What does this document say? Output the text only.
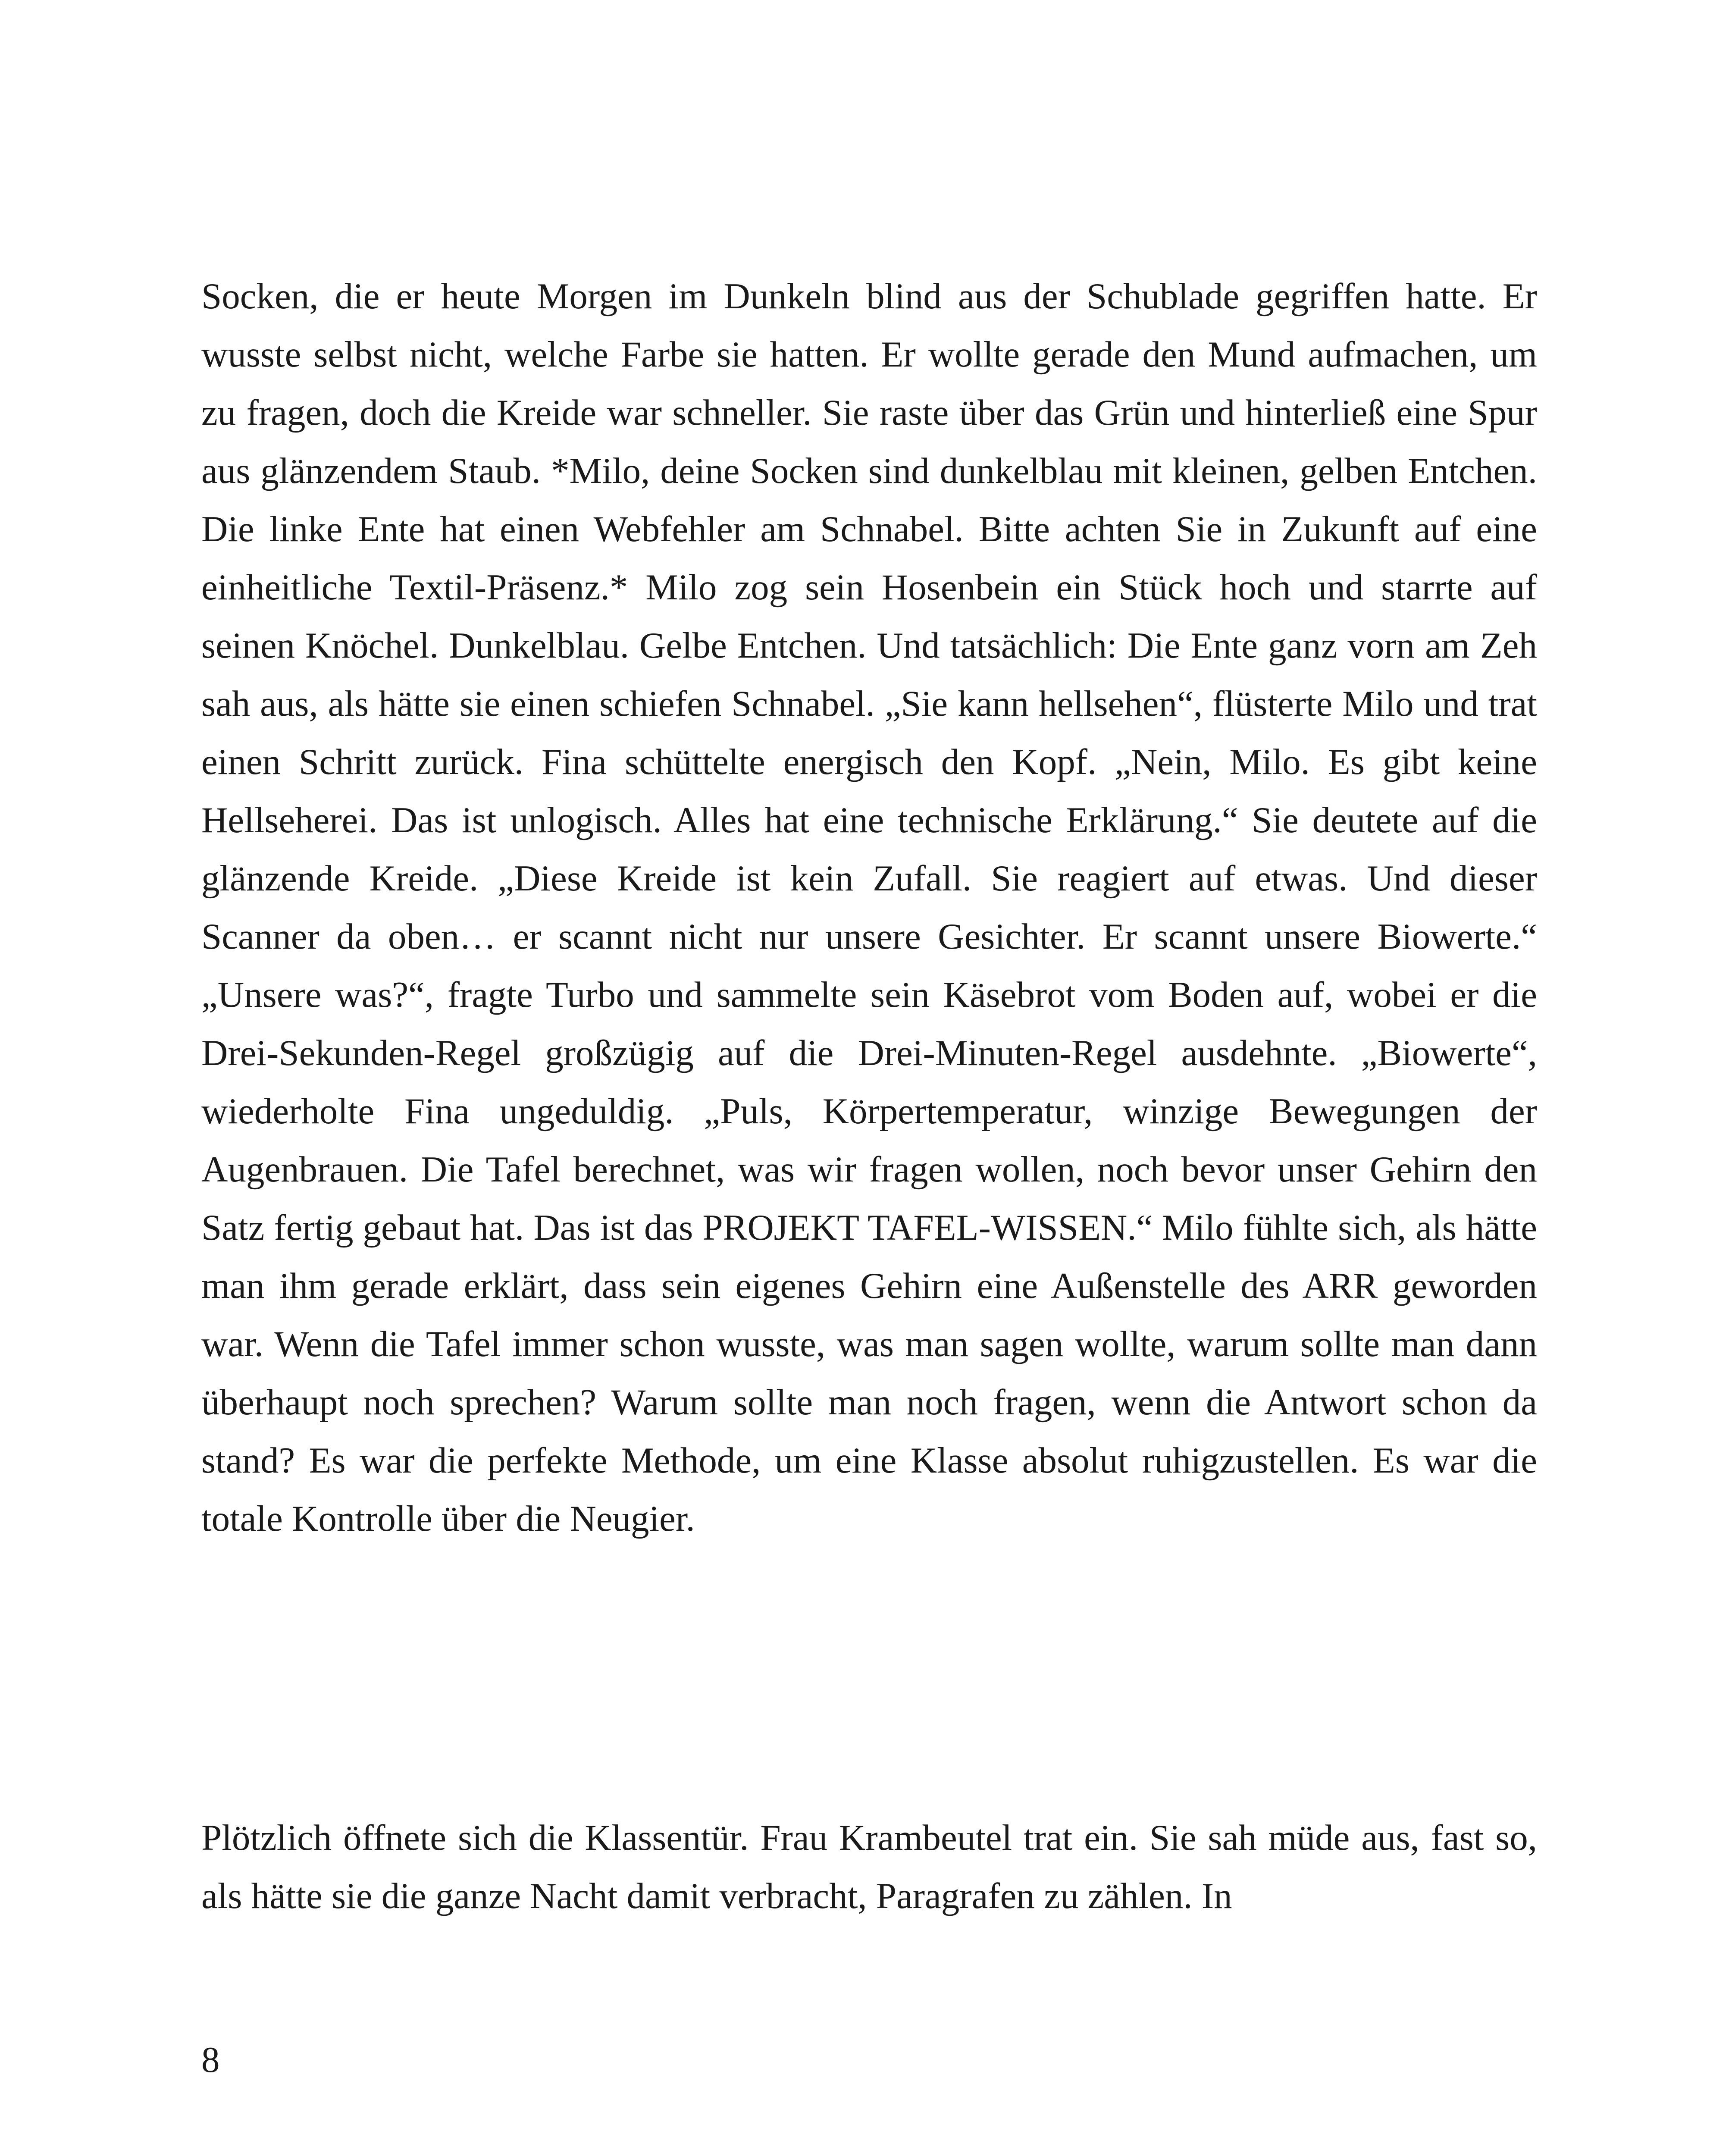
Socken, die er heute Morgen im Dunkeln blind aus der Schublade gegriffen hatte. Er wusste selbst nicht, welche Farbe sie hatten. Er wollte gerade den Mund aufmachen, um zu fragen, doch die Kreide war schneller. Sie raste über das Grün und hinterließ eine Spur aus glänzendem Staub. *Milo, deine Socken sind dunkelblau mit kleinen, gelben Entchen. Die linke Ente hat einen Webfehler am Schnabel. Bitte achten Sie in Zukunft auf eine einheitliche Textil-Präsenz.* Milo zog sein Hosenbein ein Stück hoch und starrte auf seinen Knöchel. Dunkelblau. Gelbe Entchen. Und tatsächlich: Die Ente ganz vorn am Zeh sah aus, als hätte sie einen schiefen Schnabel. „Sie kann hellsehen“, flüsterte Milo und trat einen Schritt zurück. Fina schüttelte energisch den Kopf. „Nein, Milo. Es gibt keine Hellseherei. Das ist unlogisch. Alles hat eine technische Erklärung.“ Sie deutete auf die glänzende Kreide. „Diese Kreide ist kein Zufall. Sie reagiert auf etwas. Und dieser Scanner da oben… er scannt nicht nur unsere Gesichter. Er scannt unsere Biowerte.“ „Unsere was?“, fragte Turbo und sammelte sein Käsebrot vom Boden auf, wobei er die Drei-Sekunden-Regel großzügig auf die Drei-Minuten-Regel ausdehnte. „Biowerte“, wiederholte Fina ungeduldig. „Puls, Körpertemperatur, winzige Bewegungen der Augenbrauen. Die Tafel berechnet, was wir fragen wollen, noch bevor unser Gehirn den Satz fertig gebaut hat. Das ist das PROJEKT TAFEL-WISSEN.“ Milo fühlte sich, als hätte man ihm gerade erklärt, dass sein eigenes Gehirn eine Außenstelle des ARR geworden war. Wenn die Tafel immer schon wusste, was man sagen wollte, warum sollte man dann überhaupt noch sprechen? Warum sollte man noch fragen, wenn die Antwort schon da stand? Es war die perfekte Methode, um eine Klasse absolut ruhigzustellen. Es war die totale Kontrolle über die Neugier.

Plötzlich öffnete sich die Klassentür. Frau Krambeutel trat ein. Sie sah müde aus, fast so, als hätte sie die ganze Nacht damit verbracht, Paragrafen zu zählen. In

8
